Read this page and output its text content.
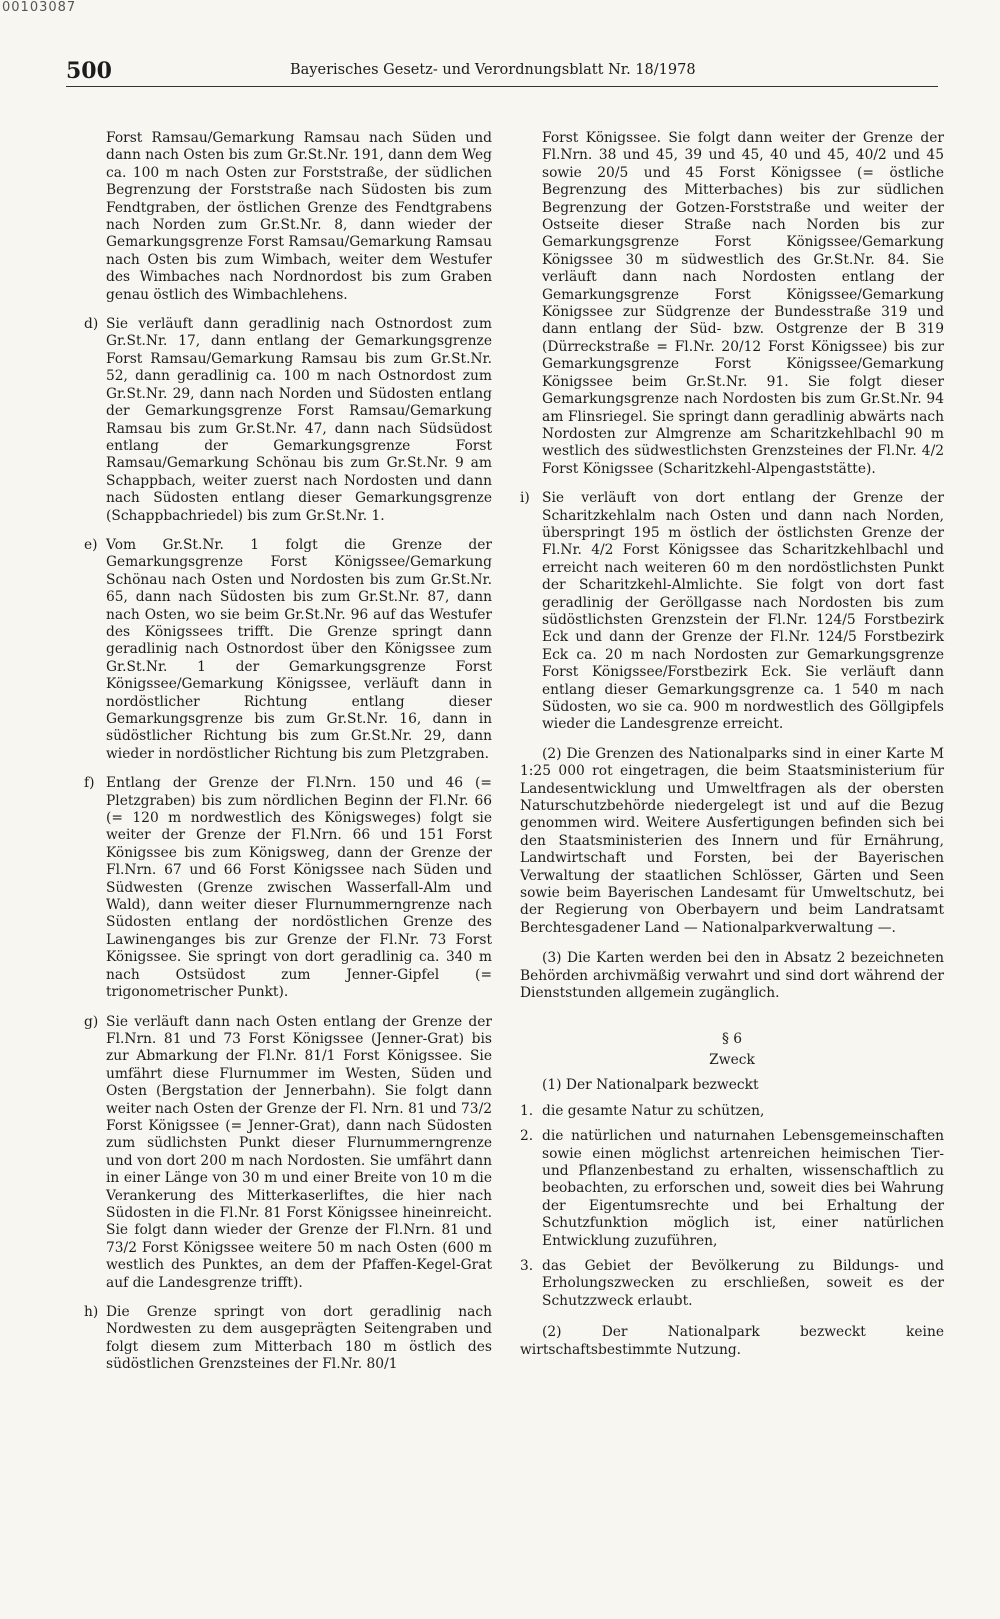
00103087
500	Bayerisches Gesetz- und Verordnungsblatt Nr. 18/1978
Forst Ramsau/Gemarkung Ramsau nach Süden und dann nach Osten bis zum Gr.St.Nr. 191, dann dem Weg ca. 100 m nach Osten zur Forststraße, der südlichen Begrenzung der Forststraße nach Südosten bis zum Fendtgraben, der östlichen Grenze des Fendtgrabens nach Norden zum Gr.St.Nr. 8, dann wieder der Gemarkungsgrenze Forst Ramsau/Gemarkung Ramsau nach Osten bis zum Wimbach, weiter dem Westufer des Wimbaches nach Nordnordost bis zum Graben genau östlich des Wimbachlehens.
d) Sie verläuft dann geradlinig nach Ostnordost zum Gr.St.Nr. 17, dann entlang der Gemarkungsgrenze Forst Ramsau/Gemarkung Ramsau bis zum Gr.St.Nr. 52, dann geradlinig ca. 100 m nach Ostnordost zum Gr.St.Nr. 29, dann nach Norden und Südosten entlang der Gemarkungsgrenze Forst Ramsau/Gemarkung Ramsau bis zum Gr.St.Nr. 47, dann nach Südsüdost entlang der Gemarkungsgrenze Forst Ramsau/Gemarkung Schönau bis zum Gr.St.Nr. 9 am Schappbach, weiter zuerst nach Nordosten und dann nach Südosten entlang dieser Gemarkungsgrenze (Schappbachriedel) bis zum Gr.St.Nr. 1.
e) Vom Gr.St.Nr. 1 folgt die Grenze der Gemarkungsgrenze Forst Königssee/Gemarkung Schönau nach Osten und Nordosten bis zum Gr.St.Nr. 65, dann nach Südosten bis zum Gr.St.Nr. 87, dann nach Osten, wo sie beim Gr.St.Nr. 96 auf das Westufer des Königssees trifft. Die Grenze springt dann geradlinig nach Ostnordost über den Königssee zum Gr.St.Nr. 1 der Gemarkungsgrenze Forst Königssee/Gemarkung Königssee, verläuft dann in nordöstlicher Richtung entlang dieser Gemarkungsgrenze bis zum Gr.St.Nr. 16, dann in südöstlicher Richtung bis zum Gr.St.Nr. 29, dann wieder in nordöstlicher Richtung bis zum Pletzgraben.
f) Entlang der Grenze der Fl.Nrn. 150 und 46 (= Pletzgraben) bis zum nördlichen Beginn der Fl.Nr. 66 (= 120 m nordwestlich des Königsweges) folgt sie weiter der Grenze der Fl.Nrn. 66 und 151 Forst Königssee bis zum Königsweg, dann der Grenze der Fl.Nrn. 67 und 66 Forst Königssee nach Süden und Südwesten (Grenze zwischen Wasserfall-Alm und Wald), dann weiter dieser Flurnummerngrenze nach Südosten entlang der nordöstlichen Grenze des Lawinenganges bis zur Grenze der Fl.Nr. 73 Forst Königssee. Sie springt von dort geradlinig ca. 340 m nach Ostsüdost zum Jenner-Gipfel (= trigonometrischer Punkt).
g) Sie verläuft dann nach Osten entlang der Grenze der Fl.Nrn. 81 und 73 Forst Königssee (Jenner-Grat) bis zur Abmarkung der Fl.Nr. 81/1 Forst Königssee. Sie umfährt diese Flurnummer im Westen, Süden und Osten (Bergstation der Jennerbahn). Sie folgt dann weiter nach Osten der Grenze der Fl. Nrn. 81 und 73/2 Forst Königssee (= Jenner-Grat), dann nach Südosten zum südlichsten Punkt dieser Flurnummerngrenze und von dort 200 m nach Nordosten. Sie umfährt dann in einer Länge von 30 m und einer Breite von 10 m die Verankerung des Mitterkaserliftes, die hier nach Südosten in die Fl.Nr. 81 Forst Königssee hineinreicht. Sie folgt dann wieder der Grenze der Fl.Nrn. 81 und 73/2 Forst Königssee weitere 50 m nach Osten (600 m westlich des Punktes, an dem der Pfaffen-Kegel-Grat auf die Landesgrenze trifft).
h) Die Grenze springt von dort geradlinig nach Nordwesten zu dem ausgeprägten Seitengraben und folgt diesem zum Mitterbach 180 m östlich des südöstlichen Grenzsteines der Fl.Nr. 80/1
Forst Königssee. Sie folgt dann weiter der Grenze der Fl.Nrn. 38 und 45, 39 und 45, 40 und 45, 40/2 und 45 sowie 20/5 und 45 Forst Königssee (= östliche Begrenzung des Mitterbaches) bis zur südlichen Begrenzung der Gotzen-Forststraße und weiter der Ostseite dieser Straße nach Norden bis zur Gemarkungsgrenze Forst Königssee/Gemarkung Königssee 30 m südwestlich des Gr.St.Nr. 84. Sie verläuft dann nach Nordosten entlang der Gemarkungsgrenze Forst Königssee/Gemarkung Königssee zur Südgrenze der Bundesstraße 319 und dann entlang der Süd- bzw. Ostgrenze der B 319 (Dürreckstraße = Fl.Nr. 20/12 Forst Königssee) bis zur Gemarkungsgrenze Forst Königssee/Gemarkung Königssee beim Gr.St.Nr. 91. Sie folgt dieser Gemarkungsgrenze nach Nordosten bis zum Gr.St.Nr. 94 am Flinsriegel. Sie springt dann geradlinig abwärts nach Nordosten zur Almgrenze am Scharitzkehlbachl 90 m westlich des südwestlichsten Grenzsteines der Fl.Nr. 4/2 Forst Königssee (Scharitzkehl-Alpengaststätte).
i) Sie verläuft von dort entlang der Grenze der Scharitzkehlalm nach Osten und dann nach Norden, überspringt 195 m östlich der östlichsten Grenze der Fl.Nr. 4/2 Forst Königssee das Scharitzkehlbachl und erreicht nach weiteren 60 m den nordöstlichsten Punkt der Scharitzkehl-Almlichte. Sie folgt von dort fast geradlinig der Geröllgasse nach Nordosten bis zum südöstlichsten Grenzstein der Fl.Nr. 124/5 Forstbezirk Eck und dann der Grenze der Fl.Nr. 124/5 Forstbezirk Eck ca. 20 m nach Nordosten zur Gemarkungsgrenze Forst Königssee/Forstbezirk Eck. Sie verläuft dann entlang dieser Gemarkungsgrenze ca. 1 540 m nach Südosten, wo sie ca. 900 m nordwestlich des Göllgipfels wieder die Landesgrenze erreicht.
(2) Die Grenzen des Nationalparks sind in einer Karte M 1:25 000 rot eingetragen, die beim Staatsministerium für Landesentwicklung und Umweltfragen als der obersten Naturschutzbehörde niedergelegt ist und auf die Bezug genommen wird. Weitere Ausfertigungen befinden sich bei den Staatsministerien des Innern und für Ernährung, Landwirtschaft und Forsten, bei der Bayerischen Verwaltung der staatlichen Schlösser, Gärten und Seen sowie beim Bayerischen Landesamt für Umweltschutz, bei der Regierung von Oberbayern und beim Landratsamt Berchtesgadener Land — Nationalparkverwaltung —.
(3) Die Karten werden bei den in Absatz 2 bezeichneten Behörden archivmäßig verwahrt und sind dort während der Dienststunden allgemein zugänglich.
§ 6
Zweck
(1) Der Nationalpark bezweckt
1. die gesamte Natur zu schützen,
2. die natürlichen und naturnahen Lebensgemeinschaften sowie einen möglichst artenreichen heimischen Tier- und Pflanzenbestand zu erhalten, wissenschaftlich zu beobachten, zu erforschen und, soweit dies bei Wahrung der Eigentumsrechte und bei Erhaltung der Schutzfunktion möglich ist, einer natürlichen Entwicklung zuzuführen,
3. das Gebiet der Bevölkerung zu Bildungs- und Erholungszwecken zu erschließen, soweit es der Schutzzweck erlaubt.
(2) Der Nationalpark bezweckt keine wirtschaftsbestimmte Nutzung.
